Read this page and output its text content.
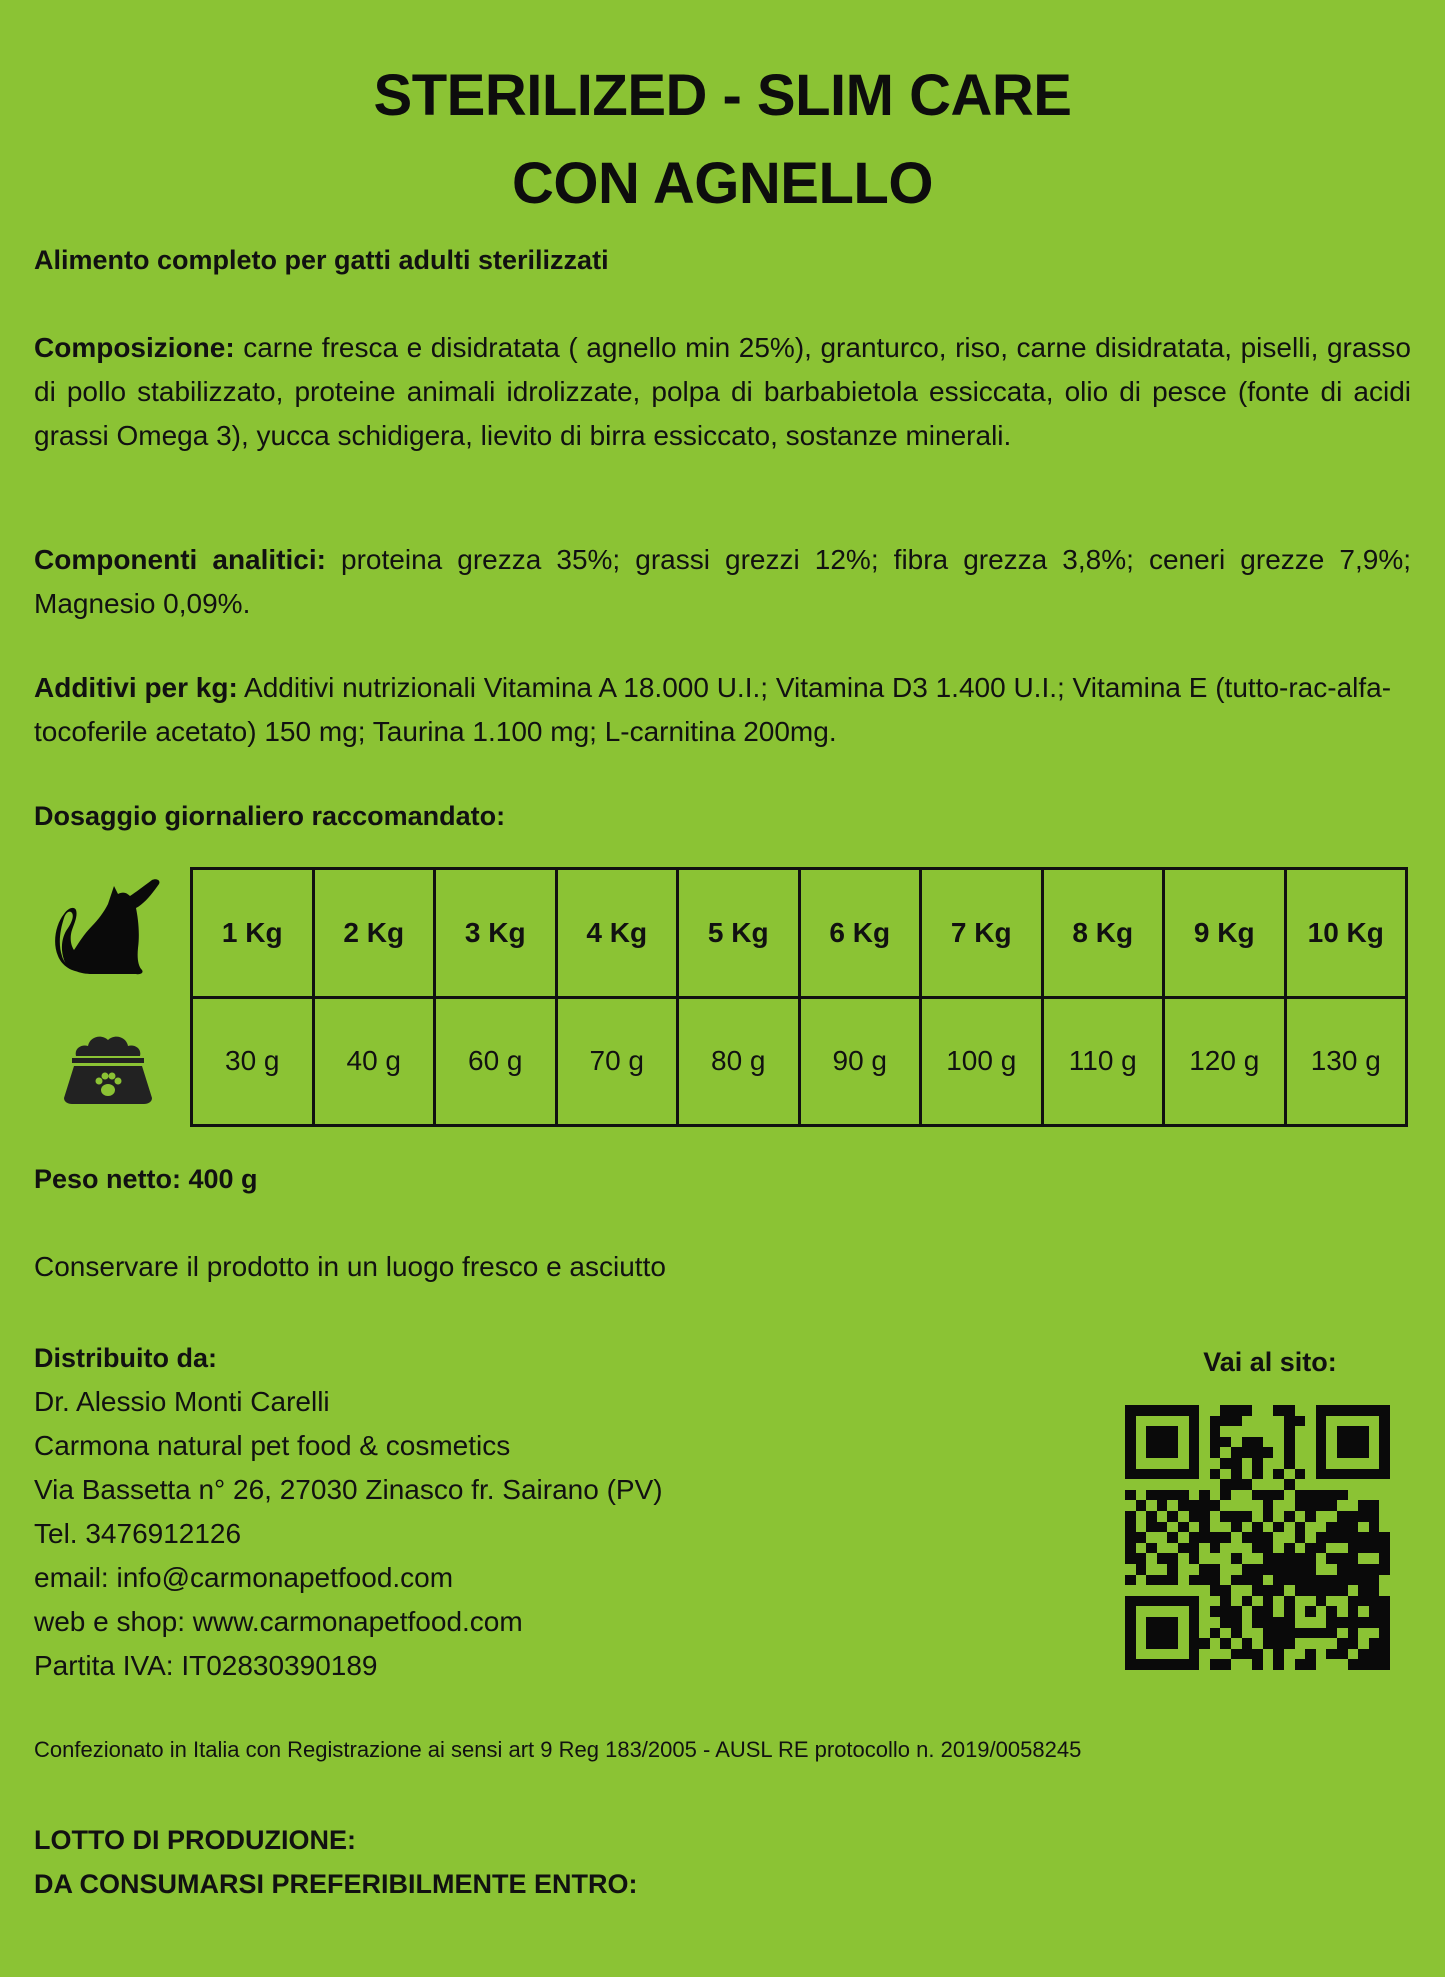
STERILIZED - SLIM CARE
CON AGNELLO
Alimento completo per gatti adulti sterilizzati
Composizione: carne fresca e disidratata ( agnello min 25%), granturco, riso, carne disidratata, piselli, grasso di pollo stabilizzato, proteine animali idrolizzate, polpa di barbabietola essiccata, olio di pesce (fonte di acidi grassi Omega 3), yucca schidigera, lievito di birra essiccato, sostanze minerali.
Componenti analitici: proteina grezza 35%; grassi grezzi 12%; fibra grezza 3,8%; ceneri grezze 7,9%; Magnesio 0,09%.
Additivi per kg: Additivi nutrizionali Vitamina A 18.000 U.I.; Vitamina D3 1.400 U.I.; Vitamina E (tutto-rac-alfa-tocoferile acetato) 150 mg; Taurina 1.100 mg; L-carnitina 200mg.
Dosaggio giornaliero raccomandato:
1 Kg	2 Kg	3 Kg	4 Kg	5 Kg	6 Kg	7 Kg	8 Kg	9 Kg	10 Kg
30 g	40 g	60 g	70 g	80 g	90 g	100 g	110 g	120 g	130 g
Peso netto: 400 g
Conservare il prodotto in un luogo fresco e asciutto
Distribuito da:
Dr. Alessio Monti Carelli
Carmona natural pet food & cosmetics
Via Bassetta n° 26, 27030 Zinasco fr. Sairano (PV)
Tel. 3476912126
email: info@carmonapetfood.com
web e shop: www.carmonapetfood.com
Partita IVA: IT02830390189
Vai al sito:
Confezionato in Italia con Registrazione ai sensi art 9 Reg 183/2005 - AUSL RE protocollo n. 2019/0058245
LOTTO DI PRODUZIONE:
DA CONSUMARSI PREFERIBILMENTE ENTRO:
